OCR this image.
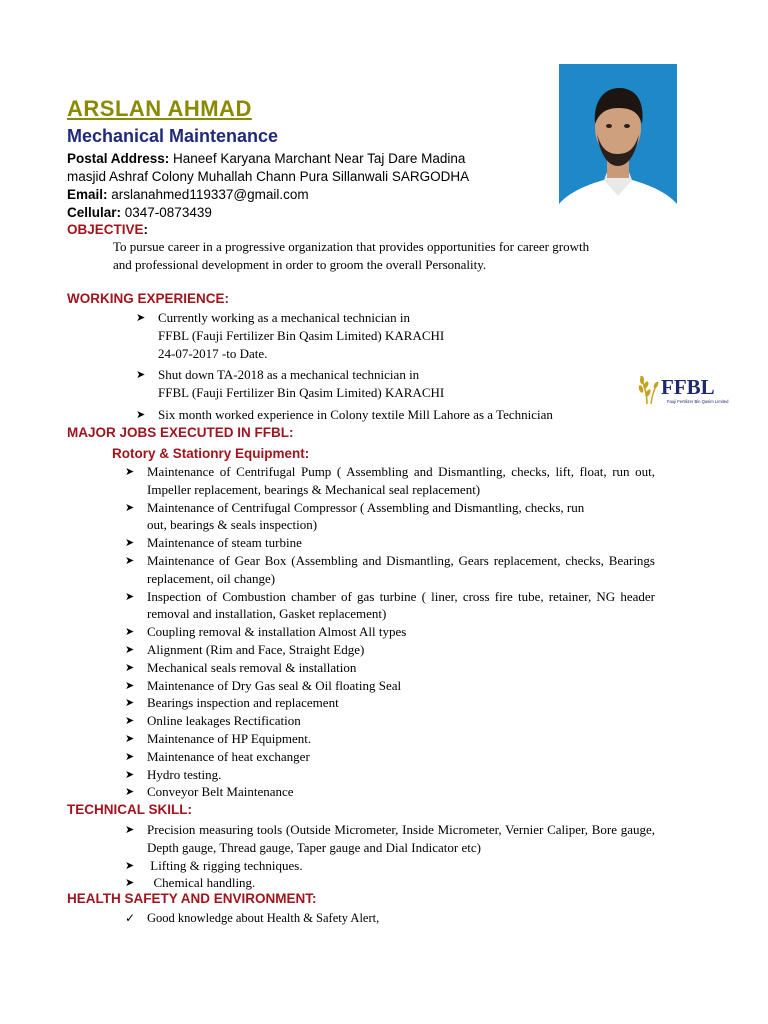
ARSLAN AHMAD
Mechanical Maintenance
Postal Address: Haneef Karyana Marchant Near Taj Dare Madina
masjid Ashraf Colony Muhallah Chann Pura Sillanwali SARGODHA
Email: arslanahmed119337@gmail.com
Cellular: 0347-0873439
OBJECTIVE:
To pursue career in a progressive organization that provides opportunities for career growth and professional development in order to groom the overall Personality.
WORKING EXPERIENCE:
➤ Currently working as a mechanical technician in
FFBL (Fauji Fertilizer Bin Qasim Limited) KARACHI
24-07-2017 -to Date.
➤ Shut down TA-2018 as a mechanical technician in
FFBL (Fauji Fertilizer Bin Qasim Limited) KARACHI
➤ Six month worked experience in Colony textile Mill Lahore as a Technician
FFBL
Fauji Fertilizer Bin Qasim Limited
MAJOR JOBS EXECUTED IN FFBL:
Rotory & Stationry Equipment:
➤ Maintenance of Centrifugal Pump ( Assembling and Dismantling, checks, lift, float, run out, Impeller replacement, bearings & Mechanical seal replacement)
➤ Maintenance of Centrifugal Compressor ( Assembling and Dismantling, checks, run out, bearings & seals inspection)
➤ Maintenance of steam turbine
➤ Maintenance of Gear Box (Assembling and Dismantling, Gears replacement, checks, Bearings replacement, oil change)
➤ Inspection of Combustion chamber of gas turbine ( liner, cross fire tube, retainer, NG header removal and installation, Gasket replacement)
➤ Coupling removal & installation Almost All types
➤ Alignment (Rim and Face, Straight Edge)
➤ Mechanical seals removal & installation
➤ Maintenance of Dry Gas seal & Oil floating Seal
➤ Bearings inspection and replacement
➤ Online leakages Rectification
➤ Maintenance of HP Equipment.
➤ Maintenance of heat exchanger
➤ Hydro testing.
➤ Conveyor Belt Maintenance
TECHNICAL SKILL:
➤ Precision measuring tools (Outside Micrometer, Inside Micrometer, Vernier Caliper, Bore gauge, Depth gauge, Thread gauge, Taper gauge and Dial Indicator etc)
➤ Lifting & rigging techniques.
➤ Chemical handling.
HEALTH SAFETY AND ENVIRONMENT:
✓ Good knowledge about Health & Safety Alert,
